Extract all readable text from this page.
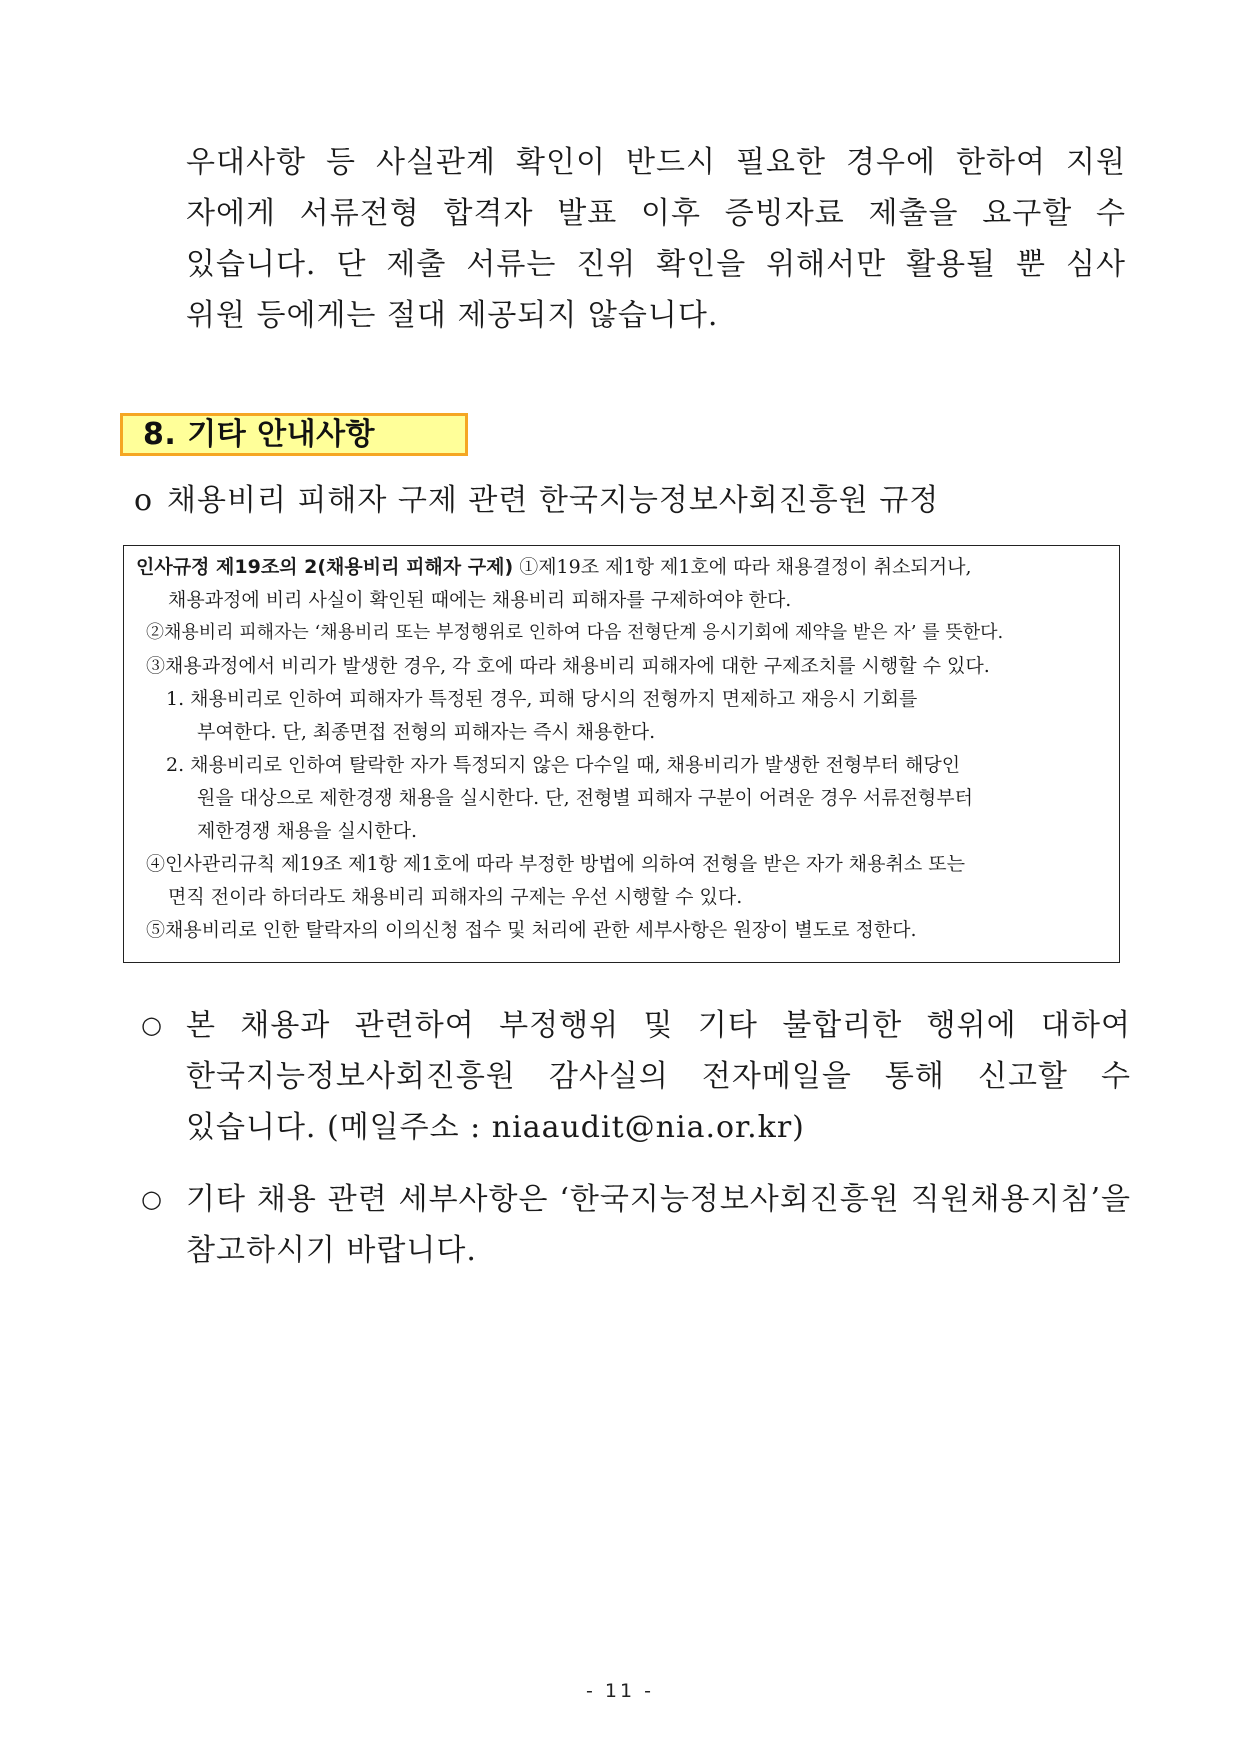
우대사항 등 사실관계 확인이 반드시 필요한 경우에 한하여 지원
자에게 서류전형 합격자 발표 이후 증빙자료 제출을 요구할 수
있습니다. 단 제출 서류는 진위 확인을 위해서만 활용될 뿐 심사
위원 등에게는 절대 제공되지 않습니다.
8. 기타 안내사항
o 채용비리 피해자 구제 관련 한국지능정보사회진흥원 규정
인사규정 제19조의 2(채용비리 피해자 구제) ①제19조 제1항 제1호에 따라 채용결정이 취소되거나,
채용과정에 비리 사실이 확인된 때에는 채용비리 피해자를 구제하여야 한다.
②채용비리 피해자는 ‘채용비리 또는 부정행위로 인하여 다음 전형단계 응시기회에 제약을 받은 자’ 를 뜻한다.
③채용과정에서 비리가 발생한 경우, 각 호에 따라 채용비리 피해자에 대한 구제조치를 시행할 수 있다.
1. 채용비리로 인하여 피해자가 특정된 경우, 피해 당시의 전형까지 면제하고 재응시 기회를
부여한다. 단, 최종면접 전형의 피해자는 즉시 채용한다.
2. 채용비리로 인하여 탈락한 자가 특정되지 않은 다수일 때, 채용비리가 발생한 전형부터 해당인
원을 대상으로 제한경쟁 채용을 실시한다. 단, 전형별 피해자 구분이 어려운 경우 서류전형부터
제한경쟁 채용을 실시한다.
④인사관리규칙 제19조 제1항 제1호에 따라 부정한 방법에 의하여 전형을 받은 자가 채용취소 또는
면직 전이라 하더라도 채용비리 피해자의 구제는 우선 시행할 수 있다.
⑤채용비리로 인한 탈락자의 이의신청 접수 및 처리에 관한 세부사항은 원장이 별도로 정한다.
○ 본 채용과 관련하여 부정행위 및 기타 불합리한 행위에 대하여
한국지능정보사회진흥원 감사실의 전자메일을 통해 신고할 수
있습니다. (메일주소 : niaaudit@nia.or.kr)
○ 기타 채용 관련 세부사항은 ‘한국지능정보사회진흥원 직원채용지침’을
참고하시기 바랍니다.
- 11 -
